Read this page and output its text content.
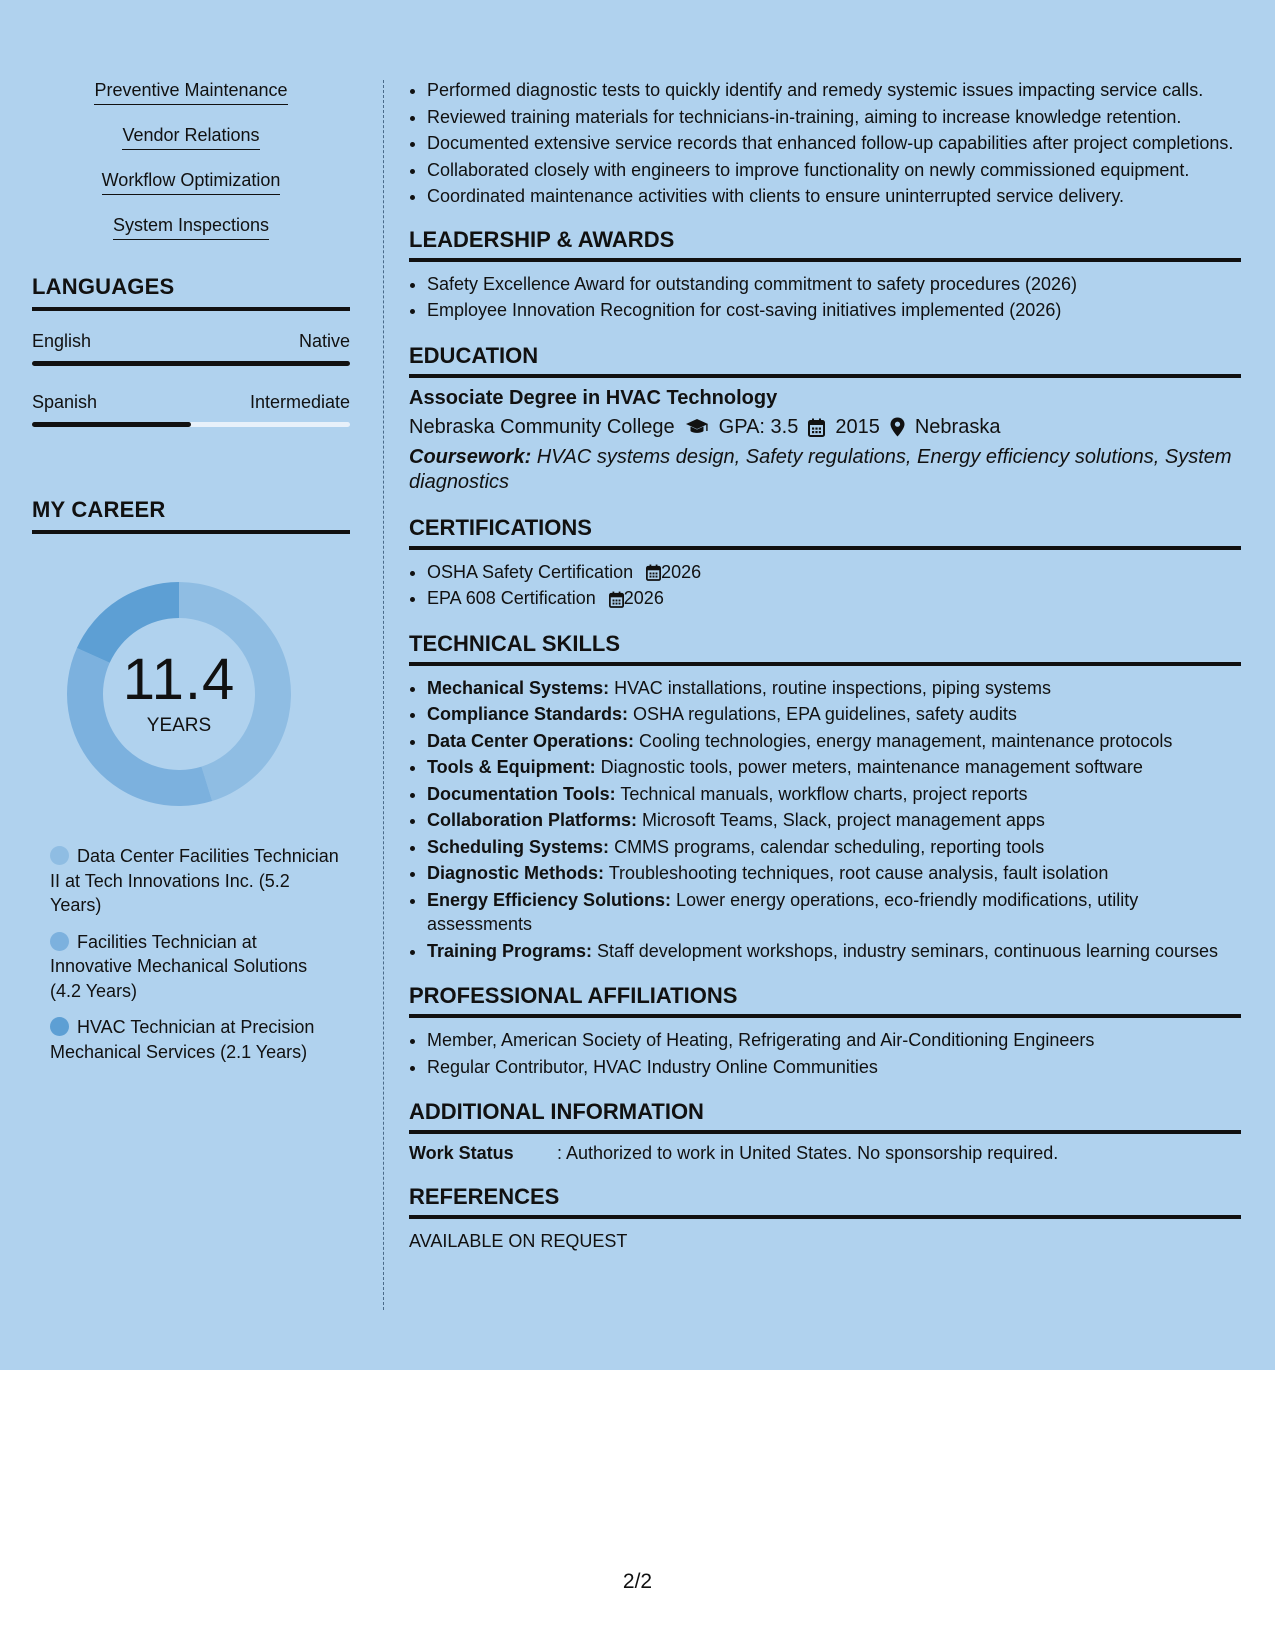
Preventive Maintenance
Vendor Relations
Workflow Optimization
System Inspections
LANGUAGES
English	Native
Spanish	Intermediate
MY CAREER
11.4
YEARS
Data Center Facilities Technician II at Tech Innovations Inc. (5.2 Years)
Facilities Technician at Innovative Mechanical Solutions (4.2 Years)
HVAC Technician at Precision Mechanical Services (2.1 Years)
• Performed diagnostic tests to quickly identify and remedy systemic issues impacting service calls.
• Reviewed training materials for technicians-in-training, aiming to increase knowledge retention.
• Documented extensive service records that enhanced follow-up capabilities after project completions.
• Collaborated closely with engineers to improve functionality on newly commissioned equipment.
• Coordinated maintenance activities with clients to ensure uninterrupted service delivery.
LEADERSHIP & AWARDS
• Safety Excellence Award for outstanding commitment to safety procedures (2026)
• Employee Innovation Recognition for cost-saving initiatives implemented (2026)
EDUCATION
Associate Degree in HVAC Technology
Nebraska Community College GPA: 3.5 2015 Nebraska
Coursework: HVAC systems design, Safety regulations, Energy efficiency solutions, System diagnostics
CERTIFICATIONS
• OSHA Safety Certification 2026
• EPA 608 Certification 2026
TECHNICAL SKILLS
• Mechanical Systems: HVAC installations, routine inspections, piping systems
• Compliance Standards: OSHA regulations, EPA guidelines, safety audits
• Data Center Operations: Cooling technologies, energy management, maintenance protocols
• Tools & Equipment: Diagnostic tools, power meters, maintenance management software
• Documentation Tools: Technical manuals, workflow charts, project reports
• Collaboration Platforms: Microsoft Teams, Slack, project management apps
• Scheduling Systems: CMMS programs, calendar scheduling, reporting tools
• Diagnostic Methods: Troubleshooting techniques, root cause analysis, fault isolation
• Energy Efficiency Solutions: Lower energy operations, eco-friendly modifications, utility assessments
• Training Programs: Staff development workshops, industry seminars, continuous learning courses
PROFESSIONAL AFFILIATIONS
• Member, American Society of Heating, Refrigerating and Air-Conditioning Engineers
• Regular Contributor, HVAC Industry Online Communities
ADDITIONAL INFORMATION
Work Status : Authorized to work in United States. No sponsorship required.
REFERENCES
AVAILABLE ON REQUEST
2/2
